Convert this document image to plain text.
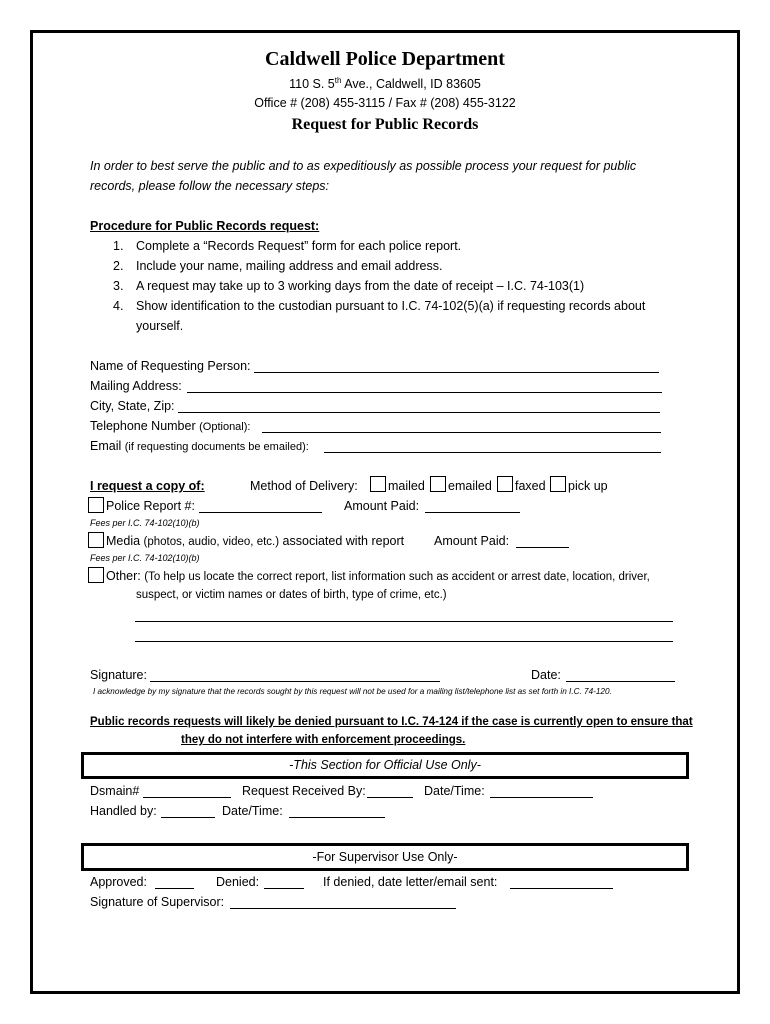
Caldwell Police Department
110 S. 5th Ave., Caldwell, ID 83605
Office # (208) 455-3115 / Fax # (208) 455-3122
Request for Public Records
In order to best serve the public and to as expeditiously as possible process your request for public
records, please follow the necessary steps:
Procedure for Public Records request:
1. Complete a “Records Request” form for each police report.
2. Include your name, mailing address and email address.
3. A request may take up to 3 working days from the date of receipt – I.C. 74-103(1)
4. Show identification to the custodian pursuant to I.C. 74-102(5)(a) if requesting records about
yourself.
Name of Requesting Person:
Mailing Address:
City, State, Zip:
Telephone Number (Optional):
Email (if requesting documents be emailed):
I request a copy of:	Method of Delivery: mailed emailed faxed pick up
Police Report #:	Amount Paid:
Fees per I.C. 74-102(10)(b)
Media (photos, audio, video, etc.) associated with report Amount Paid:
Fees per I.C. 74-102(10)(b)
Other: (To help us locate the correct report, list information such as accident or arrest date, location, driver,
suspect, or victim names or dates of birth, type of crime, etc.)
Signature:	Date:
I acknowledge by my signature that the records sought by this request will not be used for a mailing list/telephone list as set forth in I.C. 74-120.
Public records requests will likely be denied pursuant to I.C. 74-124 if the case is currently open to ensure that
they do not interfere with enforcement proceedings.
-This Section for Official Use Only-
Dsmain#	Request Received By:	Date/Time:
Handled by:	Date/Time:
-For Supervisor Use Only-
Approved:	Denied:	If denied, date letter/email sent:
Signature of Supervisor:
